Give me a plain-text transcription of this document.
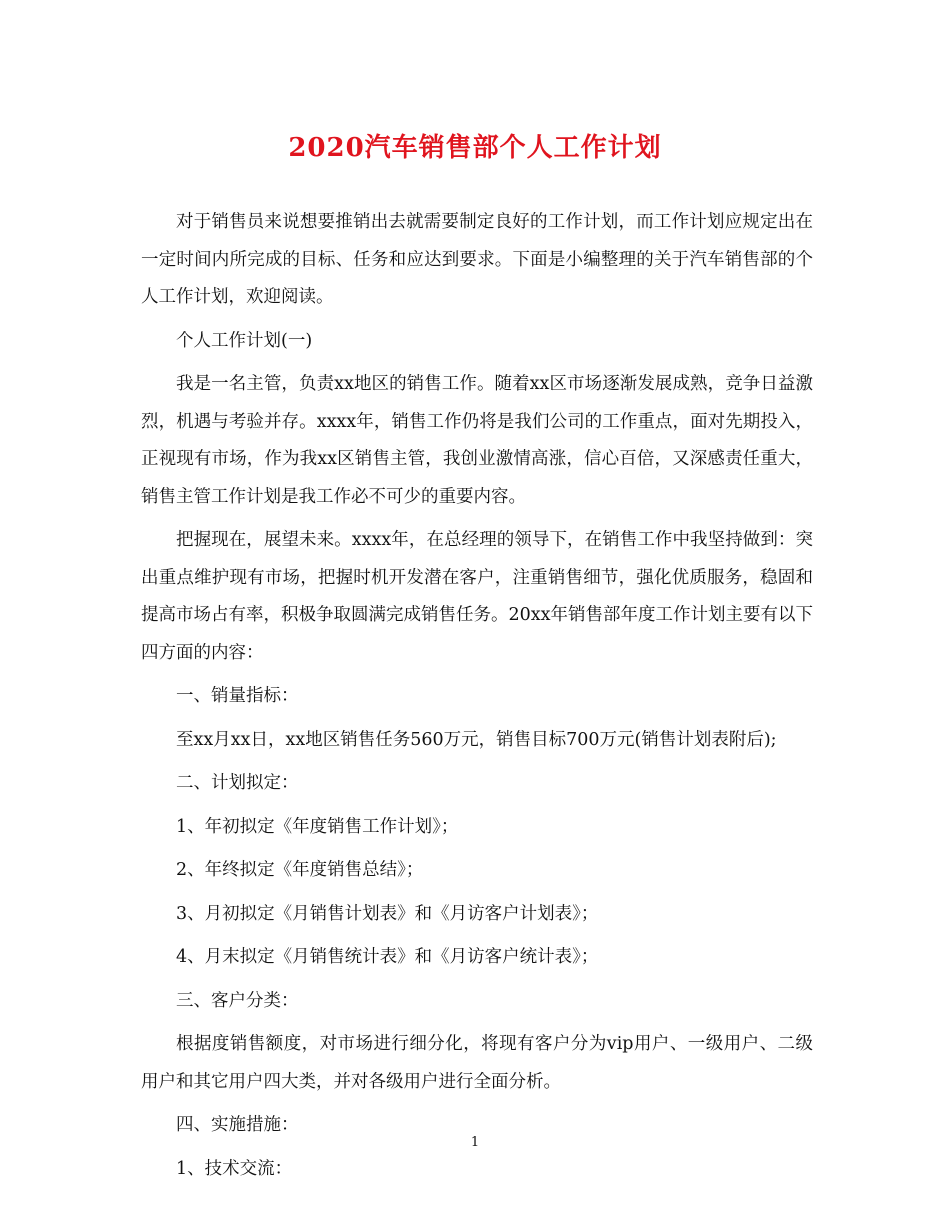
2020汽车销售部个人工作计划

对于销售员来说想要推销出去就需要制定良好的工作计划，而工作计划应规定出在一定时间内所完成的目标、任务和应达到要求。下面是小编整理的关于汽车销售部的个人工作计划，欢迎阅读。

个人工作计划(一)

我是一名主管，负责xx地区的销售工作。随着xx区市场逐渐发展成熟，竞争日益激烈，机遇与考验并存。xxxx年，销售工作仍将是我们公司的工作重点，面对先期投入，正视现有市场，作为我xx区销售主管，我创业激情高涨，信心百倍，又深感责任重大，销售主管工作计划是我工作必不可少的重要内容。

把握现在，展望未来。xxxx年，在总经理的领导下，在销售工作中我坚持做到：突出重点维护现有市场，把握时机开发潜在客户，注重销售细节，强化优质服务，稳固和提高市场占有率，积极争取圆满完成销售任务。20xx年销售部年度工作计划主要有以下四方面的内容：

一、销量指标：

至xx月xx日，xx地区销售任务560万元，销售目标700万元(销售计划表附后);

二、计划拟定：

1、年初拟定《年度销售工作计划》；

2、年终拟定《年度销售总结》；

3、月初拟定《月销售计划表》和《月访客户计划表》；

4、月末拟定《月销售统计表》和《月访客户统计表》；

三、客户分类：

根据度销售额度，对市场进行细分化，将现有客户分为vip用户、一级用户、二级用户和其它用户四大类，并对各级用户进行全面分析。

四、实施措施：

1、技术交流：

1
